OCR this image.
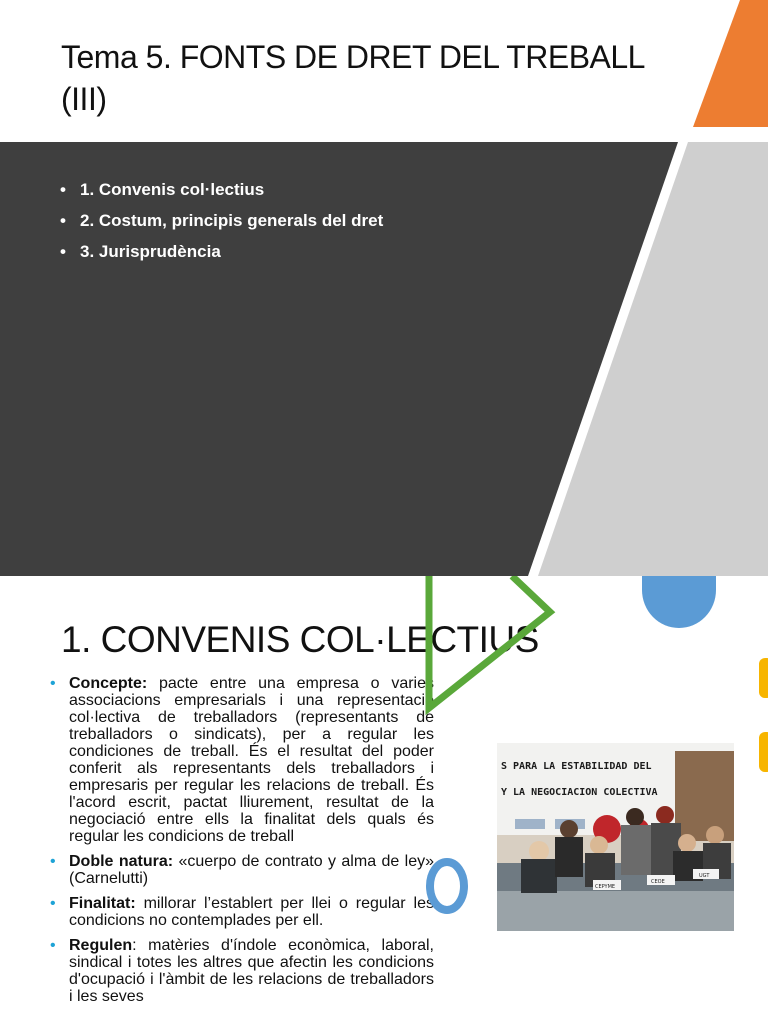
Tema 5. FONTS DE DRET DEL TREBALL (III)
• 1. Convenis col·lectius
• 2. Costum, principis generals del dret
• 3. Jurisprudència
1. CONVENIS COL·LECTIUS
• Concepte: pacte entre una empresa o varies associacions empresarials i una representació col·lectiva de treballadors (representants de treballadors o sindicats), per a regular les condiciones de treball. És el resultat del poder conferit als representants dels treballadors i empresaris per regular les relacions de treball. És l'acord escrit, pactat lliurement, resultat de la negociació entre ells la finalitat dels quals és regular les condicions de treball
• Doble natura: «cuerpo de contrato y alma de ley» (Carnelutti)
• Finalitat: millorar l’establert per llei o regular les condicions no contemplades per ell.
• Regulen: matèries d'índole econòmica, laboral, sindical i totes les altres que afectin les condicions d'ocupació i l'àmbit de les relacions de treballadors i les seves
S PARA LA ESTABILIDAD DEL
Y LA NEGOCIACION COLECTIVA
CEPYME
CEOE
UGT
